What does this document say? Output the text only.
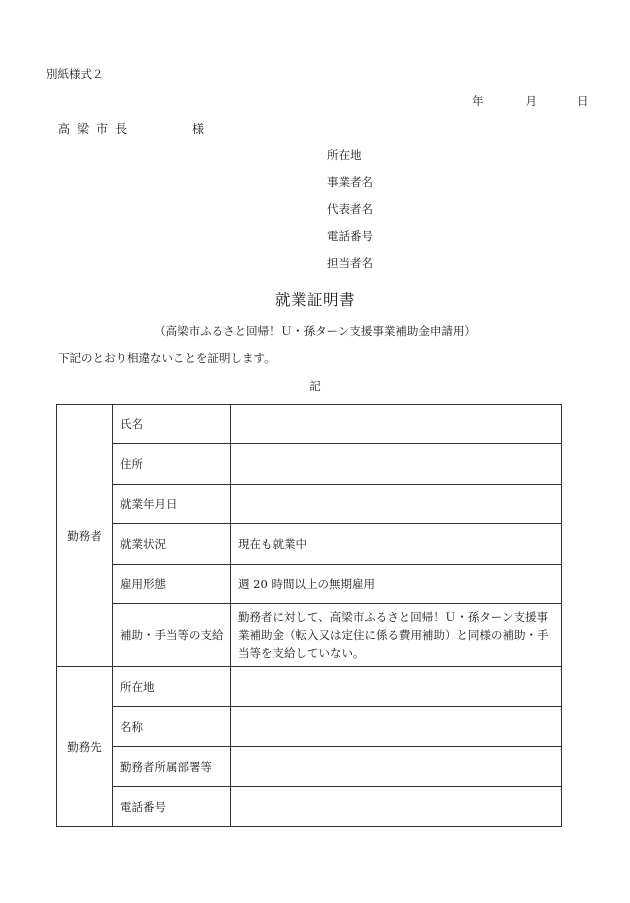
別紙様式２
年	月	日
高梁市長	様
所在地
事業者名
代表者名
電話番号
担当者名
就業証明書
（高梁市ふるさと回帰！Ｕ・孫ターン支援事業補助金申請用）
下記のとおり相違ないことを証明します。
記
勤務者	氏名	
	住所	
	就業年月日	
	就業状況	現在も就業中
	雇用形態	週 20 時間以上の無期雇用
	補助・手当等の支給	勤務者に対して、高梁市ふるさと回帰！Ｕ・孫ターン支援事業補助金（転入又は定住に係る費用補助）と同様の補助・手当等を支給していない。
勤務先	所在地	
	名称	
	勤務者所属部署等	
	電話番号	
